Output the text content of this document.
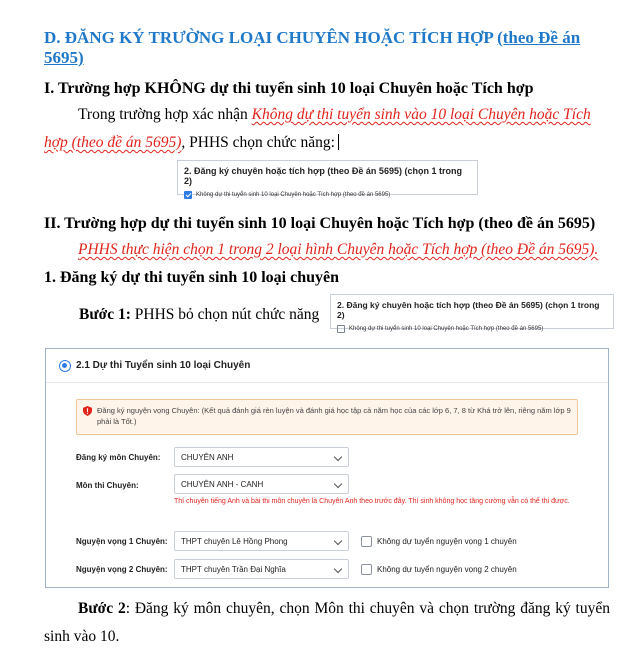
D. ĐĂNG KÝ TRƯỜNG LOẠI CHUYÊN HOẶC TÍCH HỢP (theo Đề án 5695)
I. Trường hợp KHÔNG dự thi tuyển sinh 10 loại Chuyên hoặc Tích hợp
Trong trường hợp xác nhận Không dự thi tuyển sinh vào 10 loại Chuyên hoặc Tích hợp (theo đề án 5695), PHHS chọn chức năng:
2. Đăng ký chuyên hoặc tích hợp (theo Đề án 5695) (chọn 1 trong 2)
Không dự thi tuyển sinh 10 loại Chuyên hoặc Tích hợp (theo đề án 5695)
II. Trường hợp dự thi tuyển sinh 10 loại Chuyên hoặc Tích hợp (theo đề án 5695)
PHHS thực hiện chọn 1 trong 2 loại hình Chuyên hoặc Tích hợp (theo Đề án 5695).
1. Đăng ký dự thi tuyển sinh 10 loại chuyên
Bước 1: PHHS bỏ chọn nút chức năng
2. Đăng ký chuyên hoặc tích hợp (theo Đề án 5695) (chọn 1 trong 2)
Không dự thi tuyển sinh 10 loại Chuyên hoặc Tích hợp (theo đề án 5695)
2.1 Dự thi Tuyển sinh 10 loại Chuyên
Đăng ký nguyện vọng Chuyên: (Kết quả đánh giá rèn luyện và đánh giá học tập cả năm học của các lớp 6, 7, 8 từ Khá trở lên, riêng năm lớp 9 phải là Tốt.)
Đăng ký môn Chuyên:	CHUYÊN ANH
Môn thi Chuyên:	CHUYÊN ANH - CANH
Thí chuyên tiếng Anh và bài thi môn chuyên là Chuyên Anh theo trước đây. Thí sinh không học tăng cường vẫn có thể thi được.
Nguyện vọng 1 Chuyên: THPT chuyên Lê Hồng Phong	Không dự tuyển nguyện vọng 1 chuyên
Nguyện vọng 2 Chuyên: THPT chuyên Trần Đại Nghĩa	Không dự tuyển nguyện vọng 2 chuyên
Bước 2: Đăng ký môn chuyên, chọn Môn thi chuyên và chọn trường đăng ký tuyển sinh vào 10.
